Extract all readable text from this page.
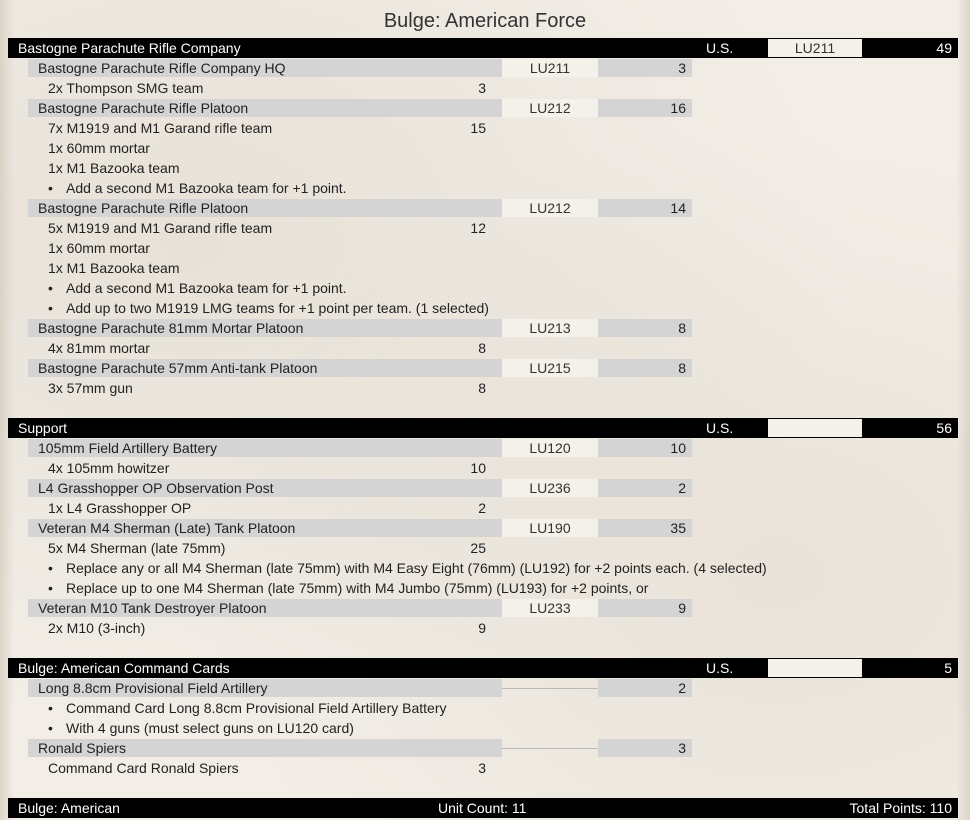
Bulge: American Force
Bastogne Parachute Rifle Company	U.S.	LU211	49
Bastogne Parachute Rifle Company HQ	LU211	3
2x Thompson SMG team	3
Bastogne Parachute Rifle Platoon	LU212	16
7x M1919 and M1 Garand rifle team	15
1x 60mm mortar
1x M1 Bazooka team
• Add a second M1 Bazooka team for +1 point.
Bastogne Parachute Rifle Platoon	LU212	14
5x M1919 and M1 Garand rifle team	12
1x 60mm mortar
1x M1 Bazooka team
• Add a second M1 Bazooka team for +1 point.
• Add up to two M1919 LMG teams for +1 point per team. (1 selected)
Bastogne Parachute 81mm Mortar Platoon	LU213	8
4x 81mm mortar	8
Bastogne Parachute 57mm Anti-tank Platoon	LU215	8
3x 57mm gun	8
Support	U.S.	56
105mm Field Artillery Battery	LU120	10
4x 105mm howitzer	10
L4 Grasshopper OP Observation Post	LU236	2
1x L4 Grasshopper OP	2
Veteran M4 Sherman (Late) Tank Platoon	LU190	35
5x M4 Sherman (late 75mm)	25
• Replace any or all M4 Sherman (late 75mm) with M4 Easy Eight (76mm) (LU192) for +2 points each. (4 selected)
• Replace up to one M4 Sherman (late 75mm) with M4 Jumbo (75mm) (LU193) for +2 points, or
Veteran M10 Tank Destroyer Platoon	LU233	9
2x M10 (3-inch)	9
Bulge: American Command Cards	U.S.	5
Long 8.8cm Provisional Field Artillery	2
• Command Card Long 8.8cm Provisional Field Artillery Battery
• With 4 guns (must select guns on LU120 card)
Ronald Spiers	3
Command Card Ronald Spiers	3
Bulge: American	Unit Count: 11	Total Points: 110
